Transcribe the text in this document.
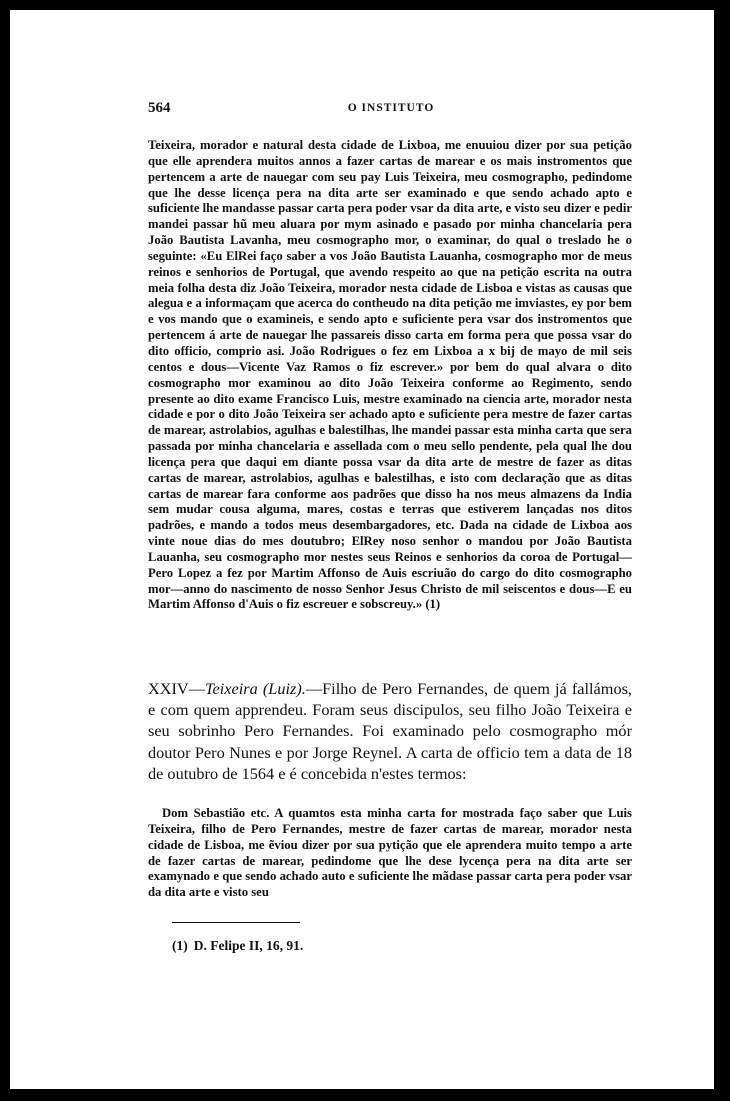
564	O INSTITUTO
Teixeira, morador e natural desta cidade de Lixboa, me enuuiou dizer por sua petição que elle aprendera muitos annos a fazer cartas de marear e os mais instromentos que pertencem a arte de nauegar com seu pay Luis Teixeira, meu cosmographo, pedindome que lhe desse licença pera na dita arte ser examinado e que sendo achado apto e suficiente lhe mandasse passar carta pera poder vsar da dita arte, e visto seu dizer e pedir mandei passar hũ meu aluara por mym asinado e pasado por minha chancelaria pera João Bautista Lavanha, meu cosmographo mor, o examinar, do qual o treslado he o seguinte: «Eu ElRei faço saber a vos João Bautista Lauanha, cosmographo mor de meus reinos e senhorios de Portugal, que avendo respeito ao que na petição escrita na outra meia folha desta diz João Teixeira, morador nesta cidade de Lisboa e vistas as causas que alegua e a informaçam que acerca do contheudo na dita petição me imviastes, ey por bem e vos mando que o examineis, e sendo apto e suficiente pera vsar dos instromentos que pertencem á arte de nauegar lhe passareis disso carta em forma pera que possa vsar do dito officio, comprio asi. João Rodrigues o fez em Lixboa a x bij de mayo de mil seis centos e dous—Vicente Vaz Ramos o fiz escrever.» por bem do qual alvara o dito cosmographo mor examinou ao dito João Teixeira conforme ao Regimento, sendo presente ao dito exame Francisco Luis, mestre examinado na ciencia arte, morador nesta cidade e por o dito João Teixeira ser achado apto e suficiente pera mestre de fazer cartas de marear, astrolabios, agulhas e balestilhas, lhe mandei passar esta minha carta que sera passada por minha chancelaria e assellada com o meu sello pendente, pela qual lhe dou licença pera que daqui em diante possa vsar da dita arte de mestre de fazer as ditas cartas de marear, astrolabios, agulhas e balestilhas, e isto com declaração que as ditas cartas de marear fara conforme aos padrões que disso ha nos meus almazens da India sem mudar cousa alguma, mares, costas e terras que estiverem lançadas nos ditos padrões, e mando a todos meus desembargadores, etc. Dada na cidade de Lixboa aos vinte noue dias do mes doutubro; ElRey noso senhor o mandou por João Bautista Lauanha, seu cosmographo mor nestes seus Reinos e senhorios da coroa de Portugal—Pero Lopez a fez por Martim Affonso de Auis escriuão do cargo do dito cosmographo mor—anno do nascimento de nosso Senhor Jesus Christo de mil seiscentos e dous—E eu Martim Affonso d'Auis o fiz escreuer e sobscreuy.» (1)
XXIV—Teixeira (Luiz).—Filho de Pero Fernandes, de quem já fallámos, e com quem apprendeu. Foram seus discipulos, seu filho João Teixeira e seu sobrinho Pero Fernandes. Foi examinado pelo cosmographo mór doutor Pero Nunes e por Jorge Reynel. A carta de officio tem a data de 18 de outubro de 1564 e é concebida n'estes termos:
Dom Sebastião etc. A quamtos esta minha carta for mostrada faço saber que Luis Teixeira, filho de Pero Fernandes, mestre de fazer cartas de marear, morador nesta cidade de Lisboa, me ẽviou dizer por sua pytição que ele aprendera muito tempo a arte de fazer cartas de marear, pedindome que lhe dese lycença pera na dita arte ser examynado e que sendo achado auto e suficiente lhe mãdase passar carta pera poder vsar da dita arte e visto seu
(1) D. Felipe II, 16, 91.
